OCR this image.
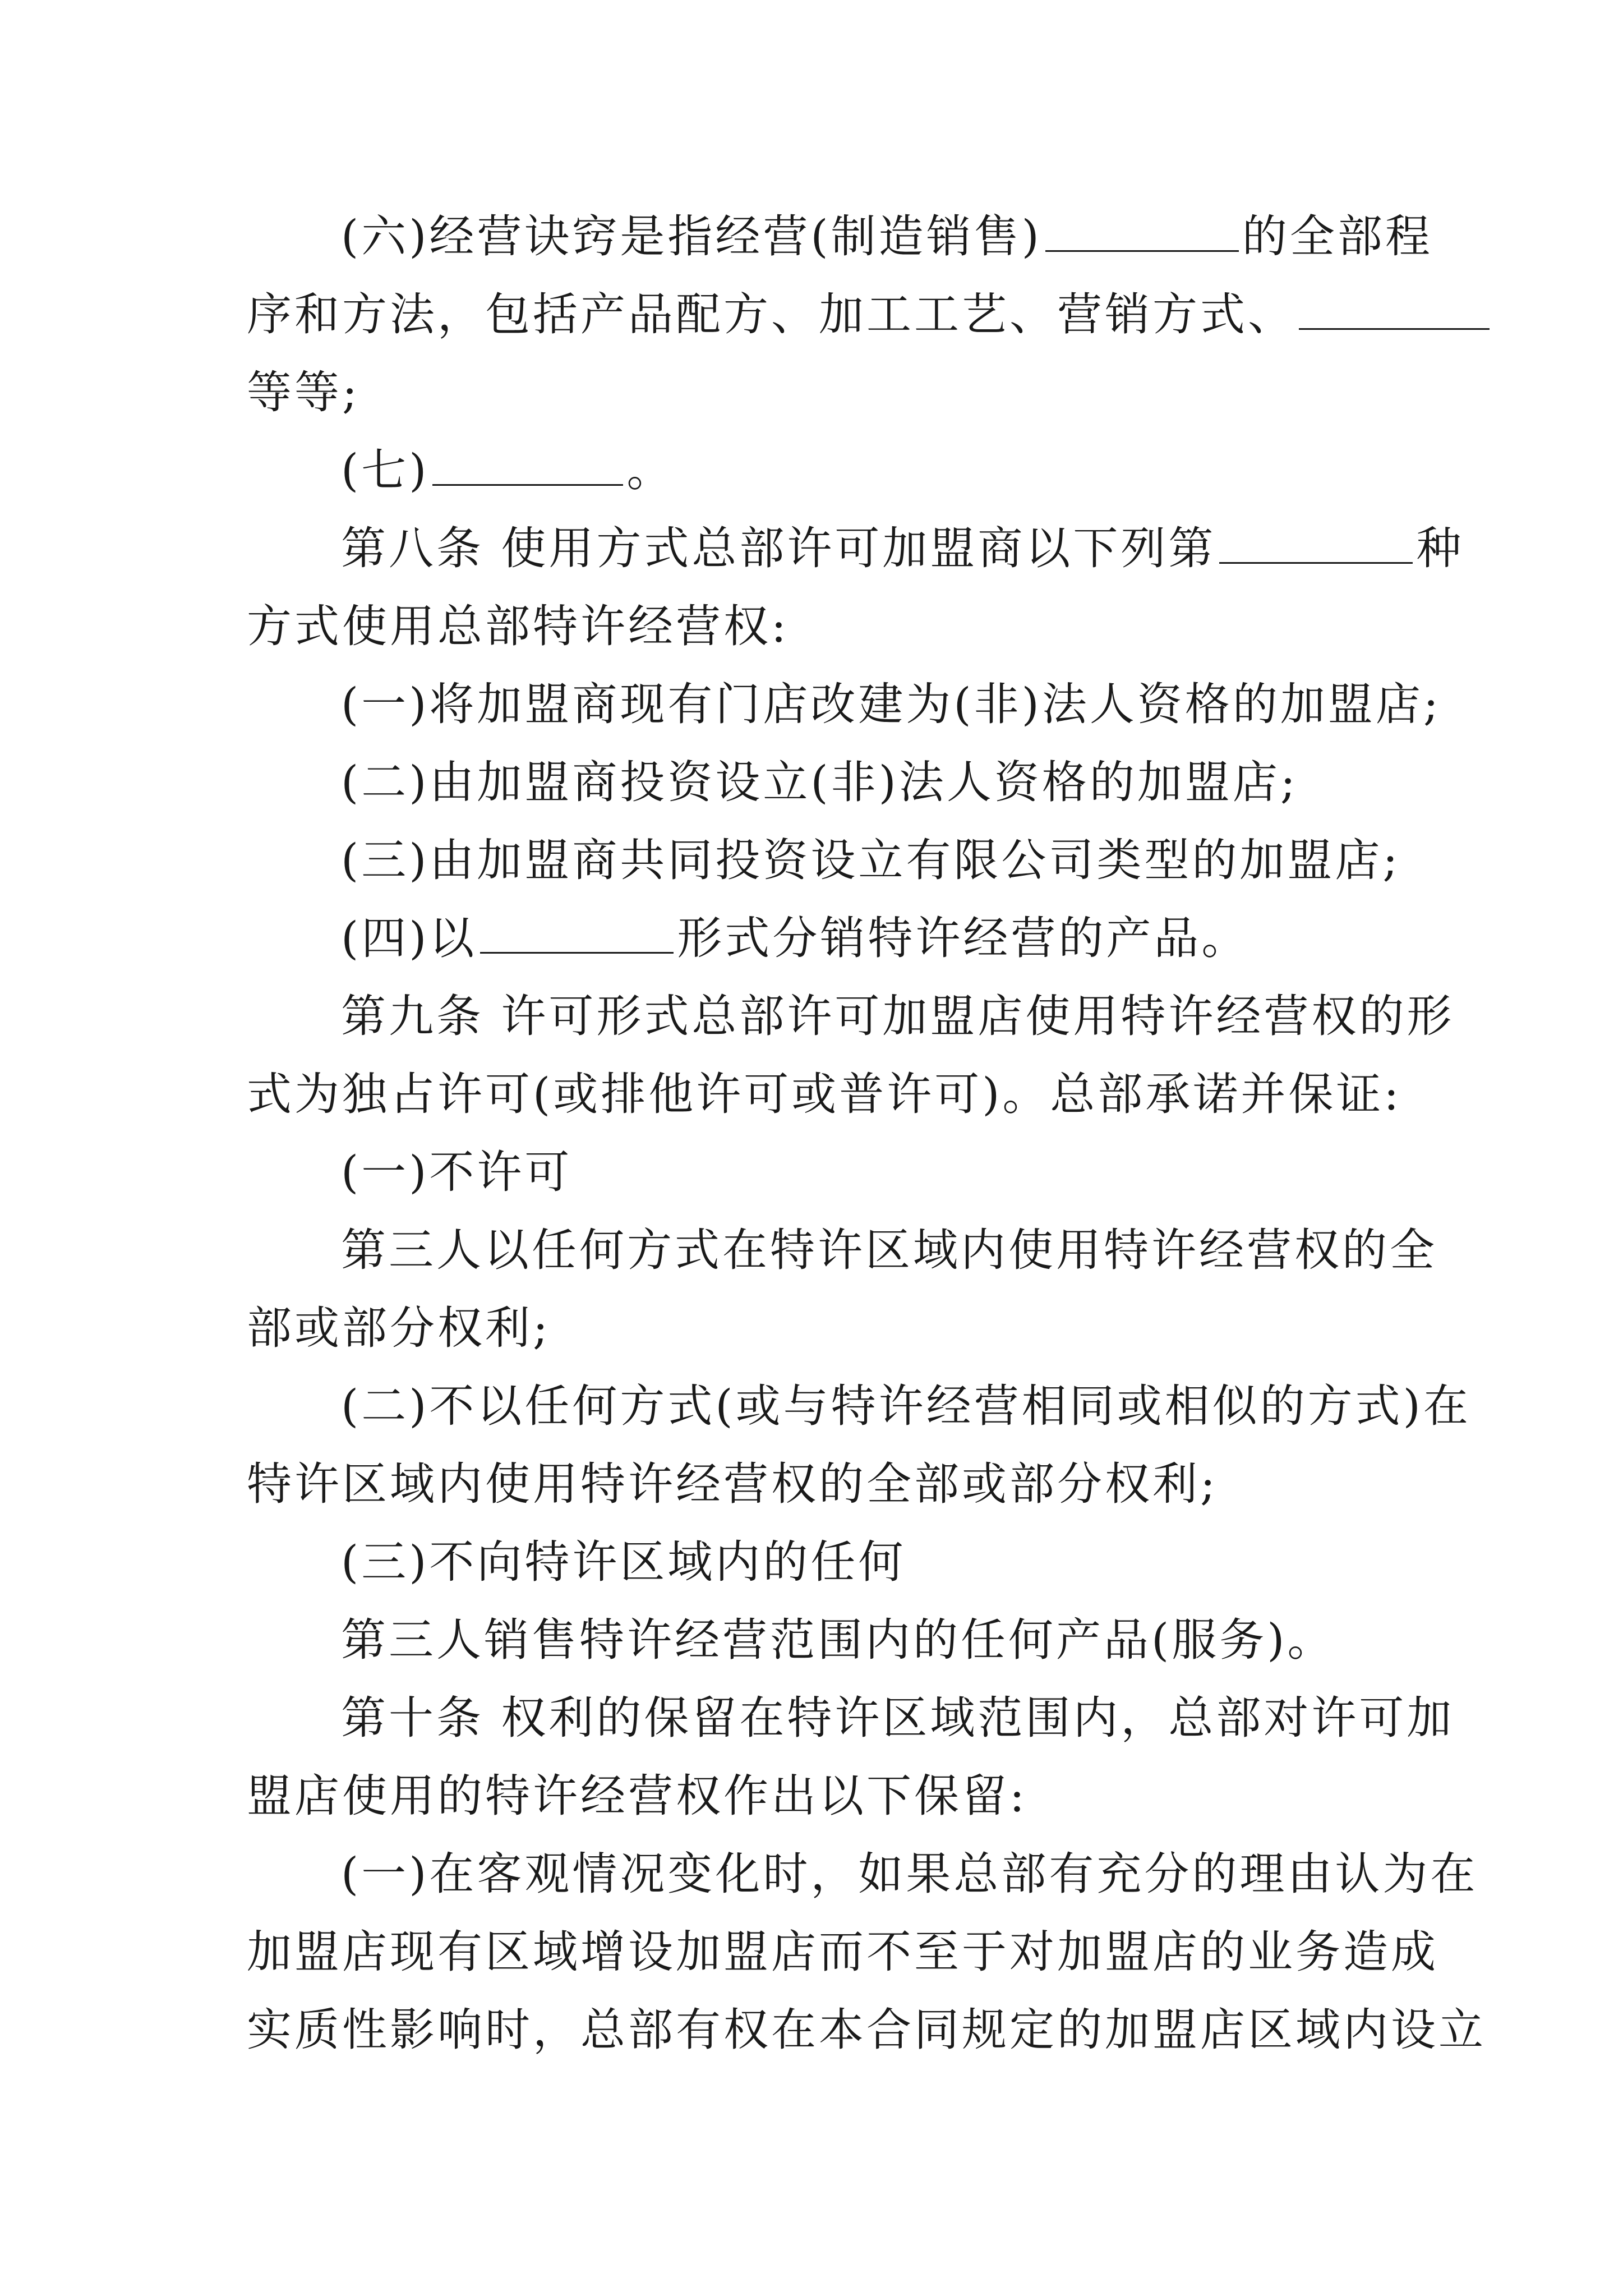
(六)经营诀窍是指经营(制造销售)	的全部程
序和方法，包括产品配方、加工工艺、营销方式、
等等;
(七)	。
第八条 使用方式总部许可加盟商以下列第	种
方式使用总部特许经营权:
(一)将加盟商现有门店改建为(非)法人资格的加盟店;
(二)由加盟商投资设立(非)法人资格的加盟店;
(三)由加盟商共同投资设立有限公司类型的加盟店;
(四)以	形式分销特许经营的产品。
第九条 许可形式总部许可加盟店使用特许经营权的形
式为独占许可(或排他许可或普许可)。总部承诺并保证:
(一)不许可
第三人以任何方式在特许区域内使用特许经营权的全
部或部分权利;
(二)不以任何方式(或与特许经营相同或相似的方式)在
特许区域内使用特许经营权的全部或部分权利;
(三)不向特许区域内的任何
第三人销售特许经营范围内的任何产品(服务)。
第十条 权利的保留在特许区域范围内，总部对许可加
盟店使用的特许经营权作出以下保留:
(一)在客观情况变化时，如果总部有充分的理由认为在
加盟店现有区域增设加盟店而不至于对加盟店的业务造成
实质性影响时，总部有权在本合同规定的加盟店区域内设立
